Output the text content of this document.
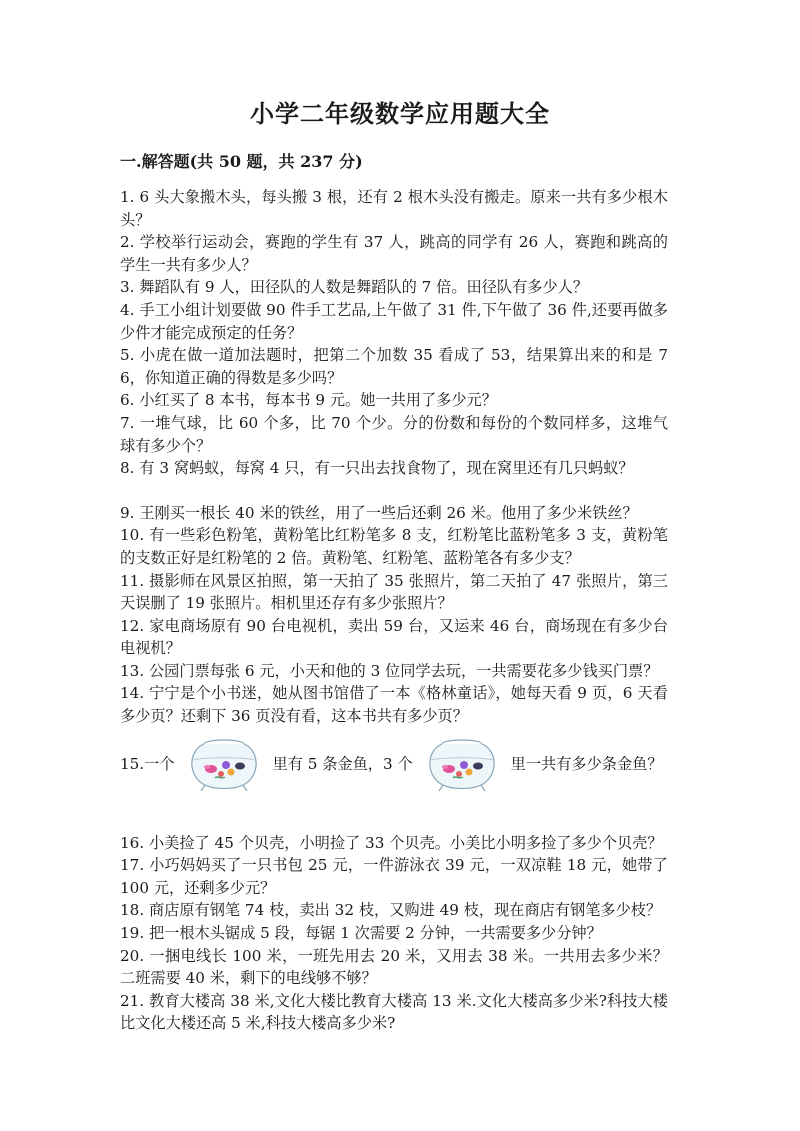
小学二年级数学应用题大全
一.解答题(共 50 题，共 237 分)

1. 6 头大象搬木头，每头搬 3 根，还有 2 根木头没有搬走。原来一共有多少根木头？

2. 学校举行运动会，赛跑的学生有 37 人，跳高的同学有 26 人，赛跑和跳高的学生一共有多少人？

3. 舞蹈队有 9 人，田径队的人数是舞蹈队的 7 倍。田径队有多少人？

4. 手工小组计划要做 90 件手工艺品,上午做了 31 件,下午做了 36 件,还要再做多少件才能完成预定的任务？

5. 小虎在做一道加法题时，把第二个加数 35 看成了 53，结果算出来的和是 76，你知道正确的得数是多少吗？

6. 小红买了 8 本书，每本书 9 元。她一共用了多少元？

7. 一堆气球，比 60 个多，比 70 个少。分的份数和每份的个数同样多，这堆气球有多少个？

8. 有 3 窝蚂蚁，每窝 4 只，有一只出去找食物了，现在窝里还有几只蚂蚁？

9. 王刚买一根长 40 米的铁丝，用了一些后还剩 26 米。他用了多少米铁丝？

10. 有一些彩色粉笔，黄粉笔比红粉笔多 8 支，红粉笔比蓝粉笔多 3 支，黄粉笔的支数正好是红粉笔的 2 倍。黄粉笔、红粉笔、蓝粉笔各有多少支？

11. 摄影师在风景区拍照，第一天拍了 35 张照片，第二天拍了 47 张照片，第三天误删了 19 张照片。相机里还存有多少张照片？

12. 家电商场原有 90 台电视机，卖出 59 台，又运来 46 台，商场现在有多少台电视机？

13. 公园门票每张 6 元，小天和他的 3 位同学去玩，一共需要花多少钱买门票？

14. 宁宁是个小书迷，她从图书馆借了一本《格林童话》，她每天看 9 页，6 天看多少页？还剩下 36 页没有看，这本书共有多少页？

15.一个	里有 5 条金鱼，3 个	里一共有多少条金鱼？

16. 小美捡了 45 个贝壳，小明捡了 33 个贝壳。小美比小明多捡了多少个贝壳？

17. 小巧妈妈买了一只书包 25 元，一件游泳衣 39 元，一双凉鞋 18 元，她带了 100 元，还剩多少元？

18. 商店原有钢笔 74 枝，卖出 32 枝，又购进 49 枝，现在商店有钢笔多少枝？

19. 把一根木头锯成 5 段，每锯 1 次需要 2 分钟，一共需要多少分钟？

20. 一捆电线长 100 米，一班先用去 20 米，又用去 38 米。一共用去多少米？二班需要 40 米，剩下的电线够不够？

21. 教育大楼高 38 米,文化大楼比教育大楼高 13 米.文化大楼高多少米?科技大楼比文化大楼还高 5 米,科技大楼高多少米?
